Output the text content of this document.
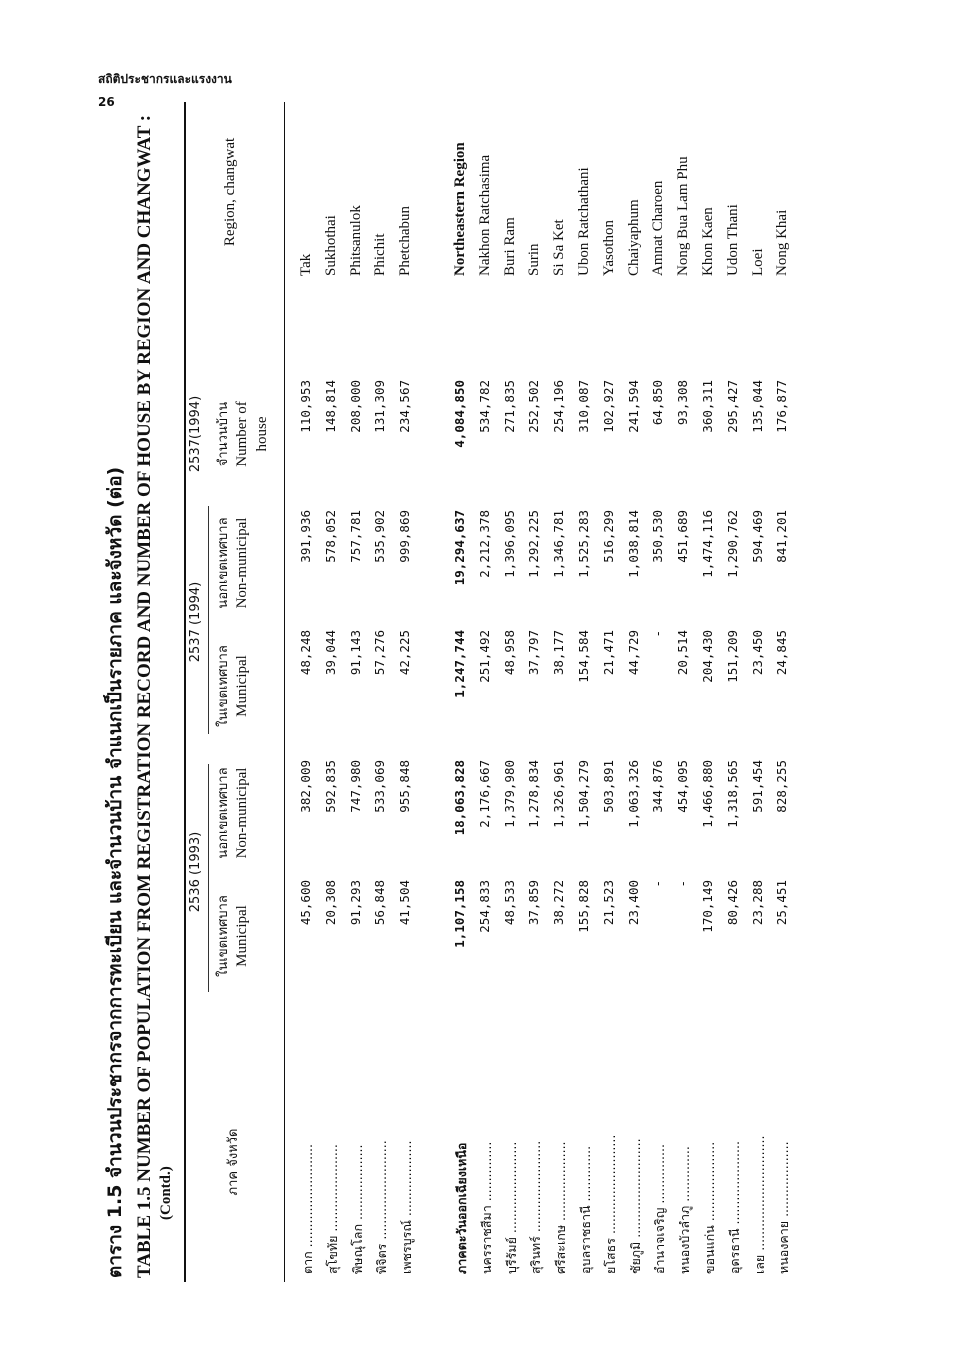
สถิติประชากรและแรงงาน
26
ตาราง 1.5 จำนวนประชากรจากการทะเบียน และจำนวนบ้าน จำแนกเป็นรายภาค และจังหวัด (ต่อ) TABLE 1.5 NUMBER OF POPULATION FROM REGISTRATION RECORD AND NUMBER OF HOUSE BY REGION AND CHANGWAT : (Contd.)	ภาค จังหวัด
2536 (1993)
2537 (1994)
2537(1994)
ในเขตเทศบาล Municipal
นอกเขตเทศบาล Non-municipal
ในเขตเทศบาล Municipal
นอกเขตเทศบาล Non-municipal
จำนวนบ้าน Number of house
Region, changwat
ตาก ..........................
45,600
382,009
48,248
391,936
110,953
Tak
สุโขทัย ......................
20,308
592,835
39,044
578,052
148,814
Sukhothai
พิษณุโลก ...................
91,293
747,980
91,143
757,781
208,000
Phitsanulok
พิจิตร .........................
56,848
533,069
57,276
535,902
131,309
Phichit
เพชรบูรณ์ ...................
41,504
955,848
42,225
999,869
234,567
Phetchabun
ภาคตะวันออกเฉียงเหนือ
1,107,158
18,063,828
1,247,744
19,294,637
4,084,850
Northeastern Region
นครราชสีมา ...............
254,833
2,176,667
251,492
2,212,378
534,782
Nakhon Ratchasima
บุรีรัมย์ .......................
48,533
1,379,980
48,958
1,396,095
271,835
Buri Ram
สุรินทร์ .......................
37,859
1,278,834
37,797
1,292,225
252,502
Surin
ศรีสะเกษ ....................
38,272
1,326,961
38,177
1,346,781
254,196
Si Sa Ket
อุบลราชธานี ..............
155,828
1,504,279
154,584
1,525,283
310,087
Ubon Ratchathani
ยโสธร .........................
21,523
503,891
21,471
516,299
102,927
Yasothon
ชัยภูมิ .........................
23,400
1,063,326
44,729
1,038,814
241,594
Chaiyaphum
อำนาจเจริญ ...............
-
344,876
-
350,530
64,850
Amnat Charoen
หนองบัวลำภู ..............
-
454,095
20,514
451,689
93,308
Nong Bua Lam Phu
ขอนแก่น ....................
170,149
1,466,880
204,430
1,474,116
360,311
Khon Kaen
อุดรธานี .....................
80,426
1,318,565
151,209
1,290,762
295,427
Udon Thani
เลย .............................
23,288
591,454
23,450
594,469
135,044
Loei
หนองคาย ...................
25,451
828,255
24,845
841,201
176,877
Nong Khai
